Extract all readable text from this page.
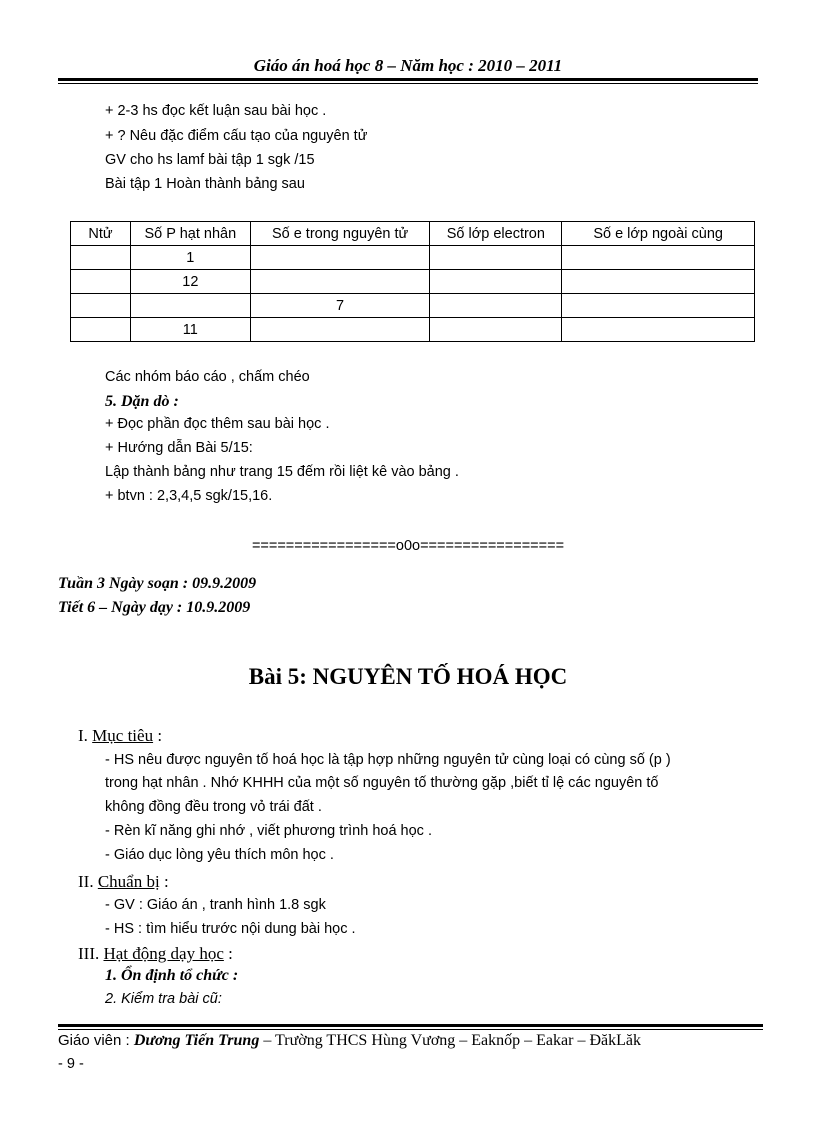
Giáo án hoá học 8 – Năm học : 2010 – 2011
+ 2-3 hs đọc kết luận sau bài học .
+ ? Nêu đặc điểm cấu tạo của nguyên tử
GV cho hs lamf bài tập 1 sgk /15
Bài tập 1 Hoàn thành bảng sau
Ntử	Số P hạt nhân	Số e trong nguyên tử	Số lớp electron	Số e lớp ngoài cùng
	1			
	12			
		7		
	11			
Các nhóm báo cáo , chấm chéo
5. Dặn dò :
+ Đọc phần đọc thêm sau bài học .
+ Hướng dẫn Bài 5/15:
Lập thành bảng như trang 15 đếm rồi liệt kê vào bảng .
+ btvn : 2,3,4,5 sgk/15,16.
=================o0o=================
Tuần 3 Ngày soạn : 09.9.2009
Tiết 6 – Ngày dạy : 10.9.2009
Bài 5: NGUYÊN TỐ HOÁ HỌC
I. Mục tiêu :
- HS nêu được nguyên tố hoá học là tập hợp những nguyên tử cùng loại có cùng số (p )
trong hạt nhân . Nhớ KHHH của một số nguyên tố thường gặp ,biết tỉ lệ các nguyên tố
không đồng đều trong vỏ trái đất .
- Rèn kĩ năng ghi nhớ , viết phương trình hoá học .
- Giáo dục lòng yêu thích môn học .
II. Chuẩn bị :
- GV : Giáo án , tranh hình 1.8 sgk
- HS : tìm hiểu trước nội dung bài học .
III. Hạt động dạy học :
1. Ổn định tổ chức :
2. Kiểm tra bài cũ:
Giáo viên : Dương Tiến Trung – Trường THCS Hùng Vương – Eaknốp – Eakar – ĐăkLăk
- 9 -
